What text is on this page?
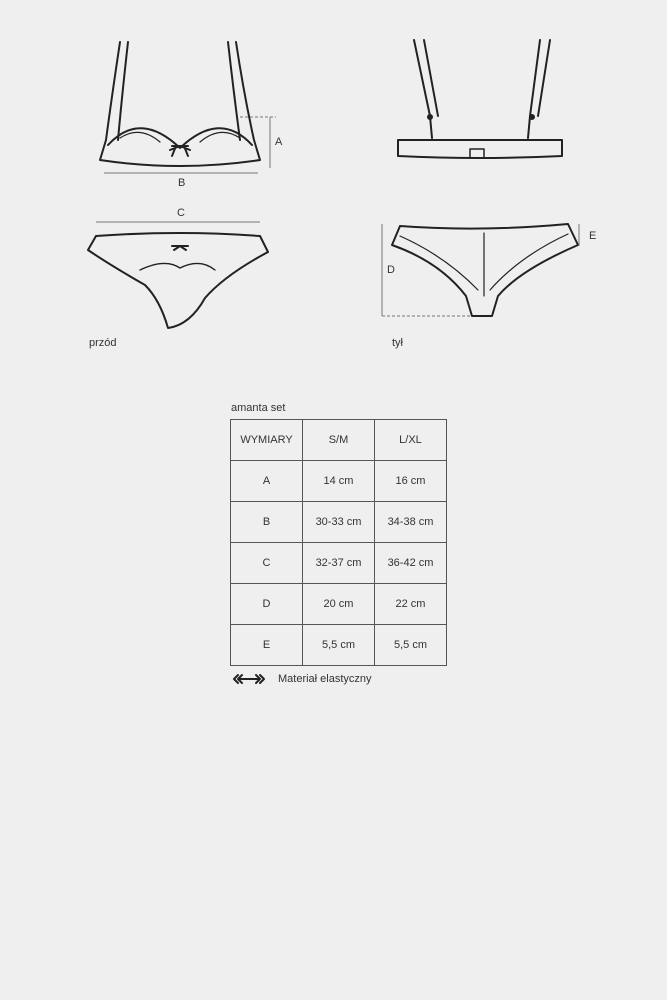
A
B
C
D
E
przód	tył
amanta set
WYMIARY	S/M	L/XL
A	14 cm	16 cm
B	30-33 cm	34-38 cm
C	32-37 cm	36-42 cm
D	20 cm	22 cm
E	5,5 cm	5,5 cm
Materiał elastyczny
